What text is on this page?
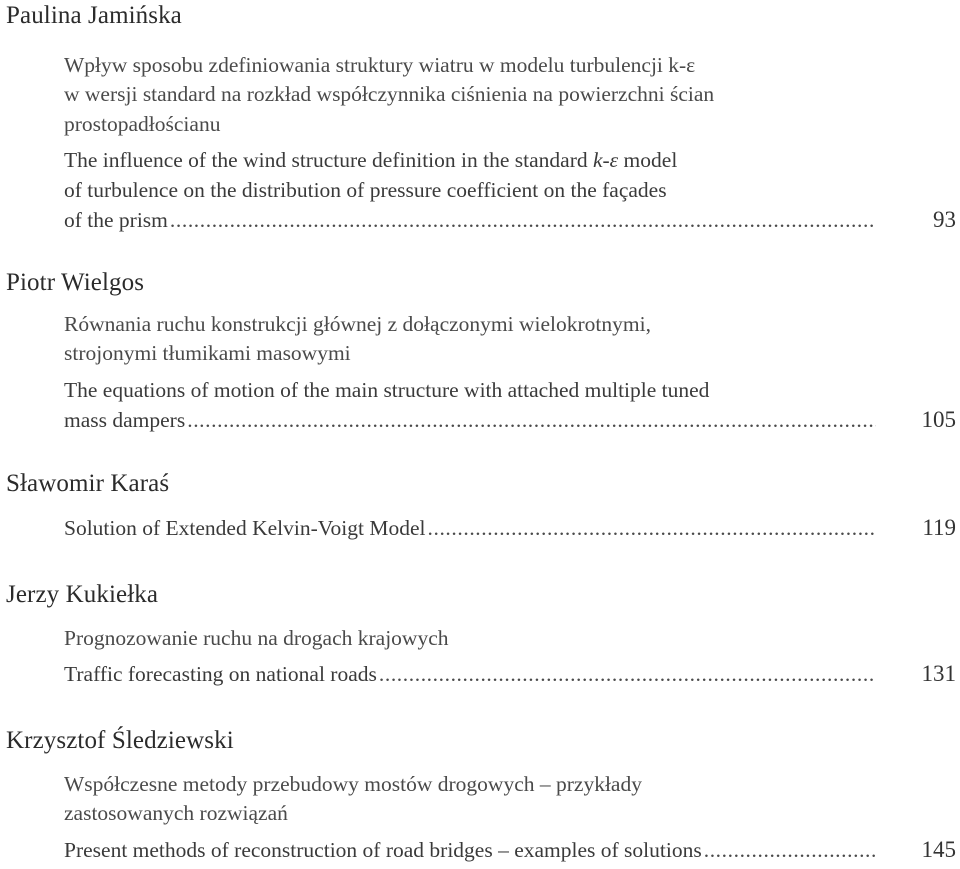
Paulina Jamińska
Wpływ sposobu zdefiniowania struktury wiatru w modelu turbulencji k-ε
w wersji standard na rozkład współczynnika ciśnienia na powierzchni ścian
prostopadłościanu
The influence of the wind structure definition in the standard k-ε model
of turbulence on the distribution of pressure coefficient on the façades
of the prism .....	93
Piotr Wielgos
Równania ruchu konstrukcji głównej z dołączonymi wielokrotnymi,
strojonymi tłumikami masowymi
The equations of motion of the main structure with attached multiple tuned
mass dampers .....	105
Sławomir Karaś
Solution of Extended Kelvin-Voigt Model .....	119
Jerzy Kukiełka
Prognozowanie ruchu na drogach krajowych
Traffic forecasting on national roads .....	131
Krzysztof Śledziewski
Współczesne metody przebudowy mostów drogowych – przykłady
zastosowanych rozwiązań
Present methods of reconstruction of road bridges – examples of solutions .....	145
